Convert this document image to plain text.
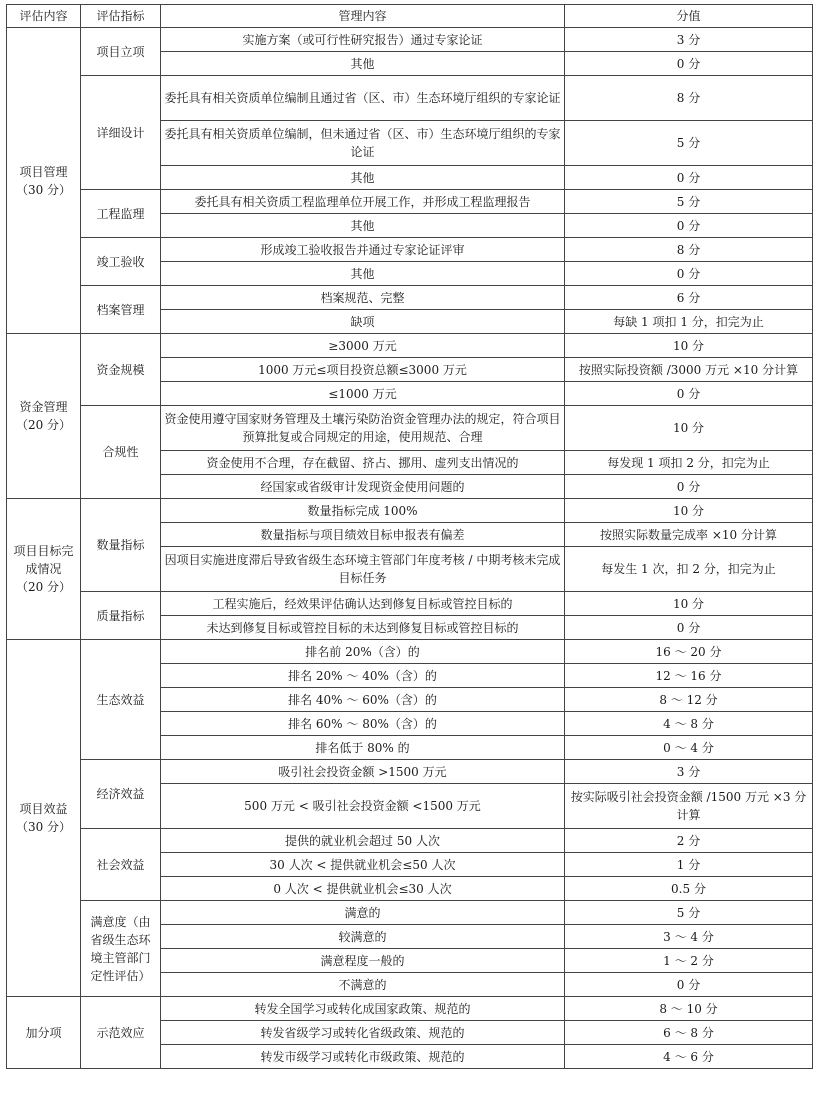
评估内容	评估指标	管理内容	分值
项目管理
（30 分）	项目立项	实施方案（或可行性研究报告）通过专家论证	3 分
		其他	0 分
	详细设计	委托具有相关资质单位编制且通过省（区、市）生态环境厅组织的专家论证	8 分
		委托具有相关资质单位编制，但未通过省（区、市）生态环境厅组织的专家论证	5 分
		其他	0 分
	工程监理	委托具有相关资质工程监理单位开展工作，并形成工程监理报告	5 分
		其他	0 分
	竣工验收	形成竣工验收报告并通过专家论证评审	8 分
		其他	0 分
	档案管理	档案规范、完整	6 分
		缺项	每缺 1 项扣 1 分，扣完为止
资金管理
（20 分）	资金规模	≥3000 万元	10 分
		1000 万元≤项目投资总额≤3000 万元	按照实际投资额 /3000 万元 ×10 分计算
		≤1000 万元	0 分
	合规性	资金使用遵守国家财务管理及土壤污染防治资金管理办法的规定，符合项目预算批复或合同规定的用途，使用规范、合理	10 分
		资金使用不合理，存在截留、挤占、挪用、虚列支出情况的	每发现 1 项扣 2 分，扣完为止
		经国家或省级审计发现资金使用问题的	0 分
项目目标完成情况
（20 分）	数量指标	数量指标完成 100%	10 分
		数量指标与项目绩效目标申报表有偏差	按照实际数量完成率 ×10 分计算
		因项目实施进度滞后导致省级生态环境主管部门年度考核 / 中期考核未完成目标任务	每发生 1 次，扣 2 分，扣完为止
	质量指标	工程实施后，经效果评估确认达到修复目标或管控目标的	10 分
		未达到修复目标或管控目标的未达到修复目标或管控目标的	0 分
项目效益
（30 分）	生态效益	排名前 20%（含）的	16 ～ 20 分
		排名 20% ～ 40%（含）的	12 ～ 16 分
		排名 40% ～ 60%（含）的	8 ～ 12 分
		排名 60% ～ 80%（含）的	4 ～ 8 分
		排名低于 80% 的	0 ～ 4 分
	经济效益	吸引社会投资金额 >1500 万元	3 分
		500 万元 < 吸引社会投资金额 <1500 万元	按实际吸引社会投资金额 /1500 万元 ×3 分计算
	社会效益	提供的就业机会超过 50 人次	2 分
		30 人次 < 提供就业机会≤50 人次	1 分
		0 人次 < 提供就业机会≤30 人次	0.5 分
	满意度（由省级生态环境主管部门定性评估）	满意的	5 分
		较满意的	3 ～ 4 分
		满意程度一般的	1 ～ 2 分
		不满意的	0 分
加分项	示范效应	转发全国学习或转化成国家政策、规范的	8 ～ 10 分
		转发省级学习或转化省级政策、规范的	6 ～ 8 分
		转发市级学习或转化市级政策、规范的	4 ～ 6 分
